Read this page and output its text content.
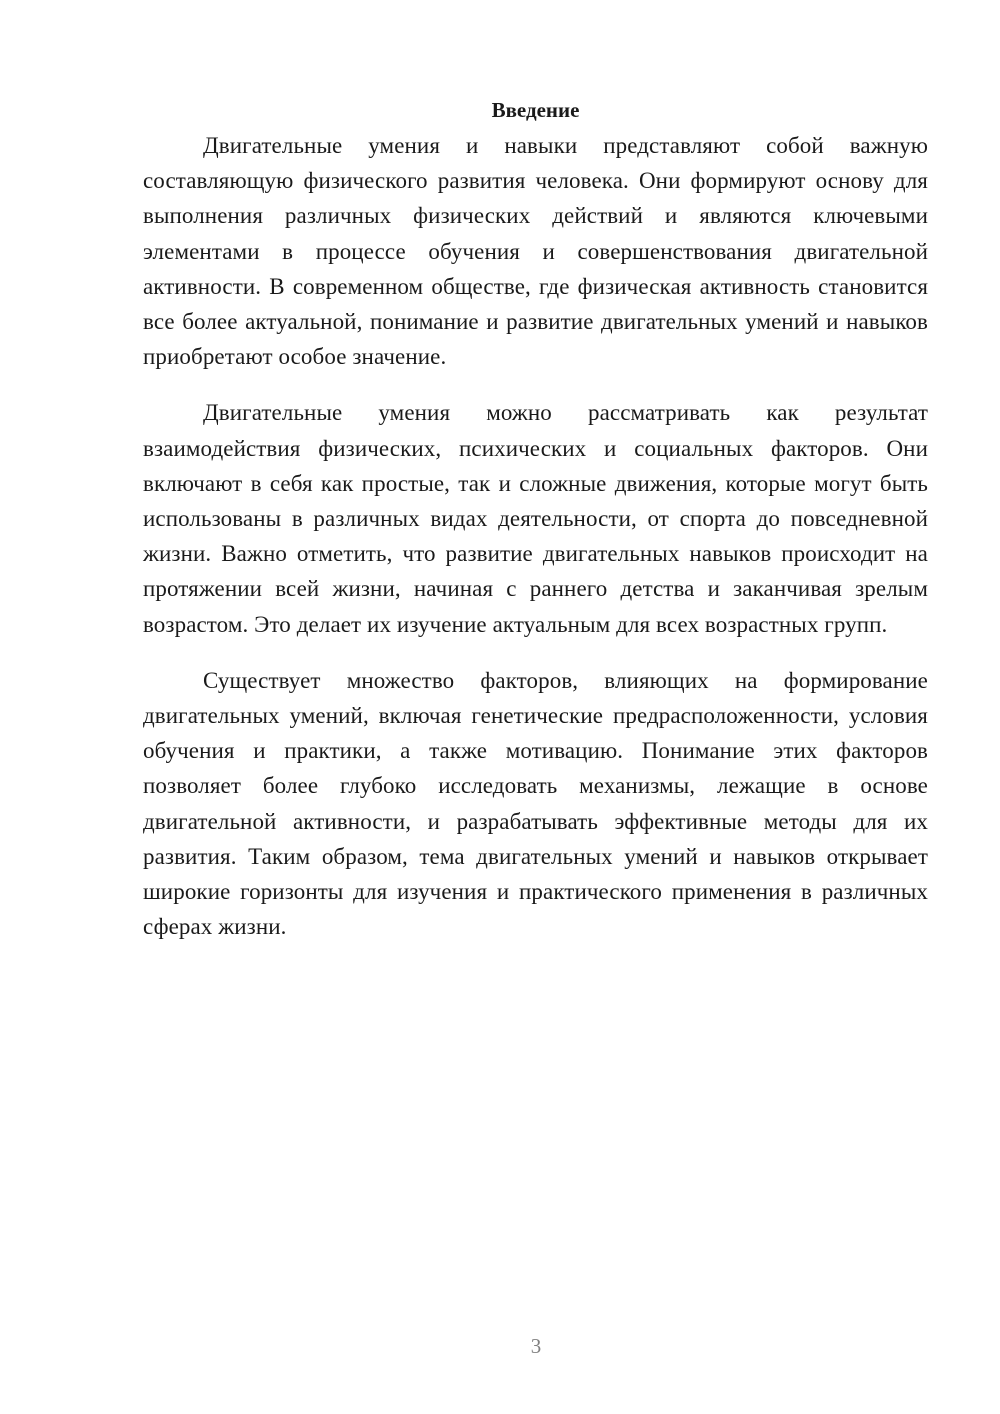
Введение

Двигательные умения и навыки представляют собой важную составляющую физического развития человека. Они формируют основу для выполнения различных физических действий и являются ключевыми элементами в процессе обучения и совершенствования двигательной активности. В современном обществе, где физическая активность становится все более актуальной, понимание и развитие двигательных умений и навыков приобретают особое значение.

Двигательные умения можно рассматривать как результат взаимодействия физических, психических и социальных факторов. Они включают в себя как простые, так и сложные движения, которые могут быть использованы в различных видах деятельности, от спорта до повседневной жизни. Важно отметить, что развитие двигательных навыков происходит на протяжении всей жизни, начиная с раннего детства и заканчивая зрелым возрастом. Это делает их изучение актуальным для всех возрастных групп.

Существует множество факторов, влияющих на формирование двигательных умений, включая генетические предрасположенности, условия обучения и практики, а также мотивацию. Понимание этих факторов позволяет более глубоко исследовать механизмы, лежащие в основе двигательной активности, и разрабатывать эффективные методы для их развития. Таким образом, тема двигательных умений и навыков открывает широкие горизонты для изучения и практического применения в различных сферах жизни.

3
